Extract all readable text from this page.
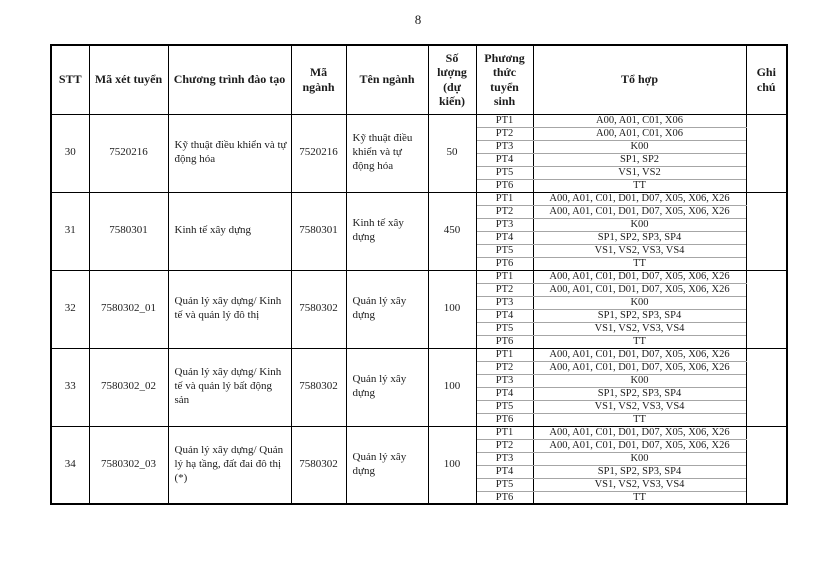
8
STT	Mã xét tuyển	Chương trình đào tạo	Mã ngành	Tên ngành	Số lượng (dự kiến)	Phương thức tuyển sinh	Tổ hợp	Ghi chú
30	7520216	Kỹ thuật điều khiển và tự động hóa	7520216	Kỹ thuật điều khiển và tự động hóa	50	PT1	A00, A01, C01, X06	
						PT2	A00, A01, C01, X06	
						PT3	K00	
						PT4	SP1, SP2	
						PT5	VS1, VS2	
						PT6	TT	
31	7580301	Kinh tế xây dựng	7580301	Kinh tế xây dựng	450	PT1	A00, A01, C01, D01, D07, X05, X06, X26	
						PT2	A00, A01, C01, D01, D07, X05, X06, X26	
						PT3	K00	
						PT4	SP1, SP2, SP3, SP4	
						PT5	VS1, VS2, VS3, VS4	
						PT6	TT	
32	7580302_01	Quản lý xây dựng/ Kinh tế và quản lý đô thị	7580302	Quản lý xây dựng	100	PT1	A00, A01, C01, D01, D07, X05, X06, X26	
						PT2	A00, A01, C01, D01, D07, X05, X06, X26	
						PT3	K00	
						PT4	SP1, SP2, SP3, SP4	
						PT5	VS1, VS2, VS3, VS4	
						PT6	TT	
33	7580302_02	Quản lý xây dựng/ Kinh tế và quản lý bất động sản	7580302	Quản lý xây dựng	100	PT1	A00, A01, C01, D01, D07, X05, X06, X26	
						PT2	A00, A01, C01, D01, D07, X05, X06, X26	
						PT3	K00	
						PT4	SP1, SP2, SP3, SP4	
						PT5	VS1, VS2, VS3, VS4	
						PT6	TT	
34	7580302_03	Quản lý xây dựng/ Quản lý hạ tầng, đất đai đô thị (*)	7580302	Quản lý xây dựng	100	PT1	A00, A01, C01, D01, D07, X05, X06, X26	
						PT2	A00, A01, C01, D01, D07, X05, X06, X26	
						PT3	K00	
						PT4	SP1, SP2, SP3, SP4	
						PT5	VS1, VS2, VS3, VS4	
						PT6	TT	
